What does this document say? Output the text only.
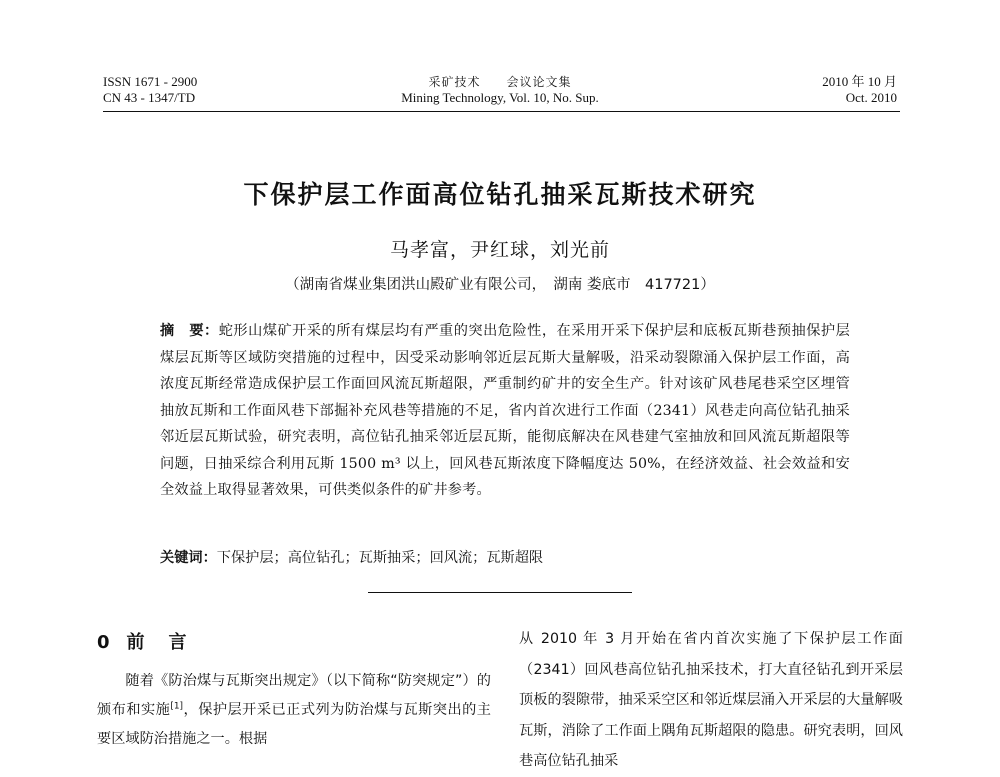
ISSN 1671 - 2900
CN 43 - 1347/TD
采矿技术　　会议论文集
Mining Technology, Vol. 10, No. Sup.
2010 年 10 月
Oct. 2010
下保护层工作面高位钻孔抽采瓦斯技术研究
马孝富，尹红球，刘光前
（湖南省煤业集团洪山殿矿业有限公司，　湖南 娄底市　417721）
摘　要：蛇形山煤矿开采的所有煤层均有严重的突出危险性，在采用开采下保护层和底板瓦斯巷预抽保护层煤层瓦斯等区域防突措施的过程中，因受采动影响邻近层瓦斯大量解吸，沿采动裂隙涌入保护层工作面，高浓度瓦斯经常造成保护层工作面回风流瓦斯超限，严重制约矿井的安全生产。针对该矿风巷尾巷采空区埋管抽放瓦斯和工作面风巷下部掘补充风巷等措施的不足，省内首次进行工作面（2341）风巷走向高位钻孔抽采邻近层瓦斯试验，研究表明，高位钻孔抽采邻近层瓦斯，能彻底解决在风巷建气室抽放和回风流瓦斯超限等问题，日抽采综合利用瓦斯 1500 m³ 以上，回风巷瓦斯浓度下降幅度达 50%，在经济效益、社会效益和安全效益上取得显著效果，可供类似条件的矿井参考。
关键词：下保护层；高位钻孔；瓦斯抽采；回风流；瓦斯超限
0 前　言

随着《防治煤与瓦斯突出规定》（以下简称“防突规定”）的颁布和实施[1]，保护层开采已正式列为防治煤与瓦斯突出的主要区域防治措施之一。根据

从 2010 年 3 月开始在省内首次实施了下保护层工作面（2341）回风巷高位钻孔抽采技术，打大直径钻孔到开采层顶板的裂隙带，抽采采空区和邻近煤层涌入开采层的大量解吸瓦斯，消除了工作面上隅角瓦斯超限的隐患。研究表明，回风巷高位钻孔抽采
